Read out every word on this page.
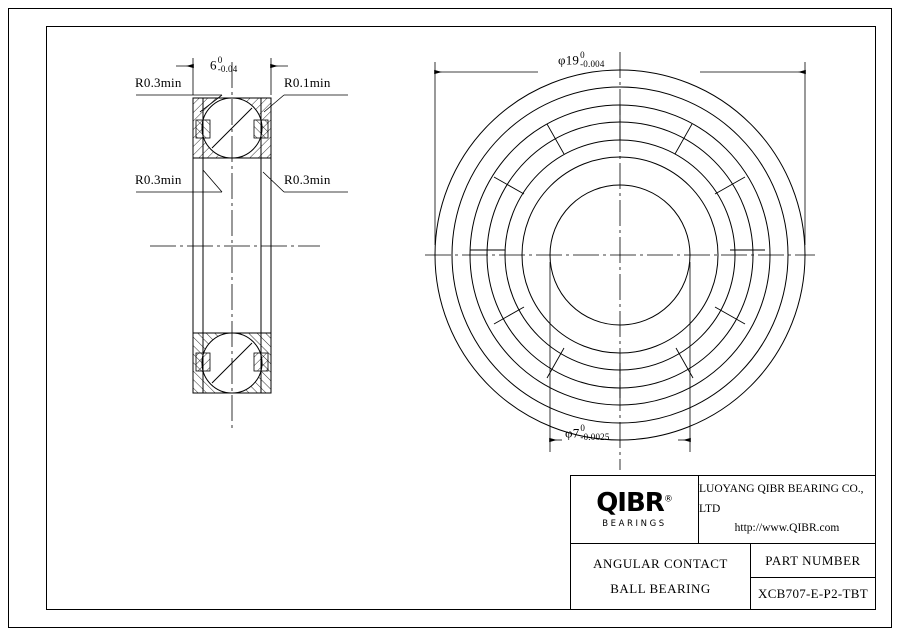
6 0
-0.04
R0.3min	R0.1min
R0.3min	R0.3min
φ19 0
-0.004
φ7 0
-0.0025
QIBR®
BEARINGS
LUOYANG QIBR BEARING CO., LTD
http://www.QIBR.com
ANGULAR CONTACT
BALL BEARING
PART NUMBER
XCB707-E-P2-TBT
